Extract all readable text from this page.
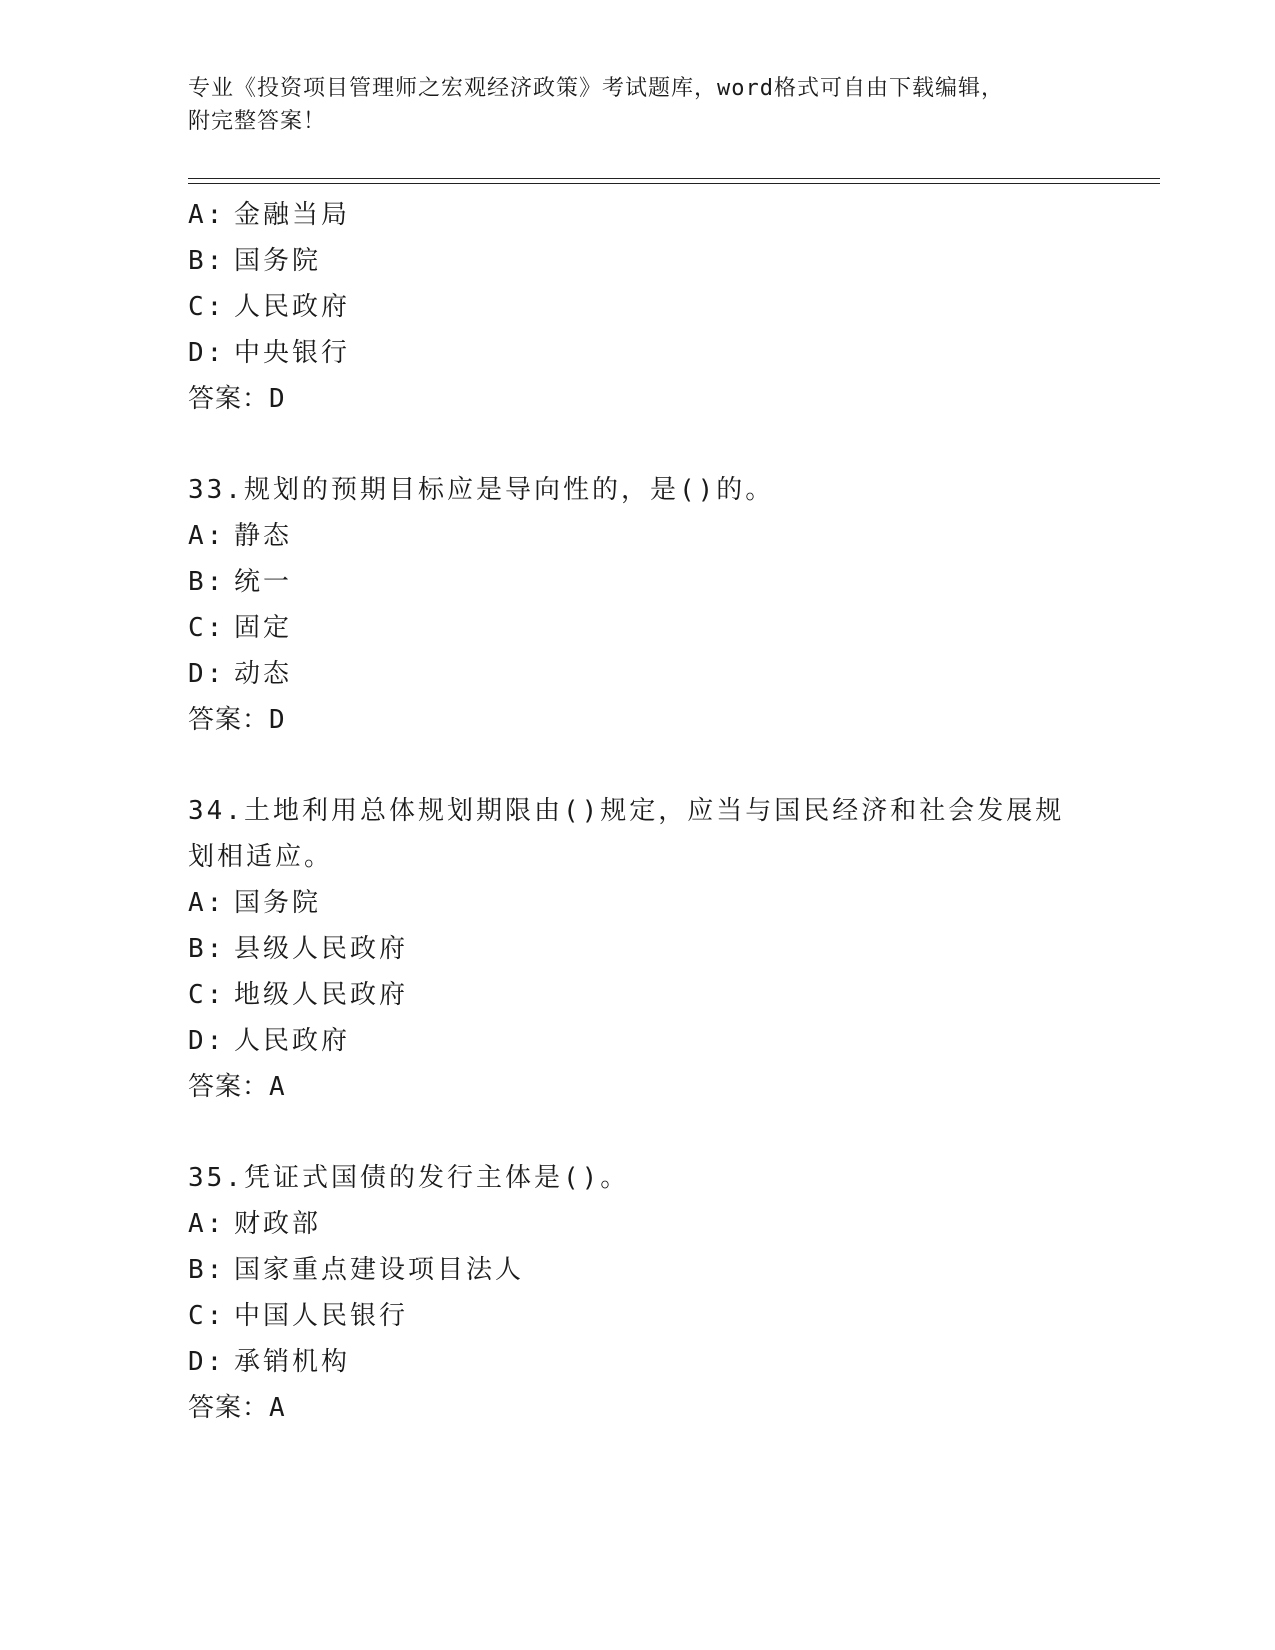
专业《投资项目管理师之宏观经济政策》考试题库，word格式可自由下载编辑，
附完整答案！
A: 金融当局
B: 国务院
C: 人民政府
D: 中央银行
答案：D
33.规划的预期目标应是导向性的，是()的。
A: 静态
B: 统一
C: 固定
D: 动态
答案：D
34.土地利用总体规划期限由()规定，应当与国民经济和社会发展规划相适应。
A: 国务院
B: 县级人民政府
C: 地级人民政府
D: 人民政府
答案：A
35.凭证式国债的发行主体是()。
A: 财政部
B: 国家重点建设项目法人
C: 中国人民银行
D: 承销机构
答案：A
